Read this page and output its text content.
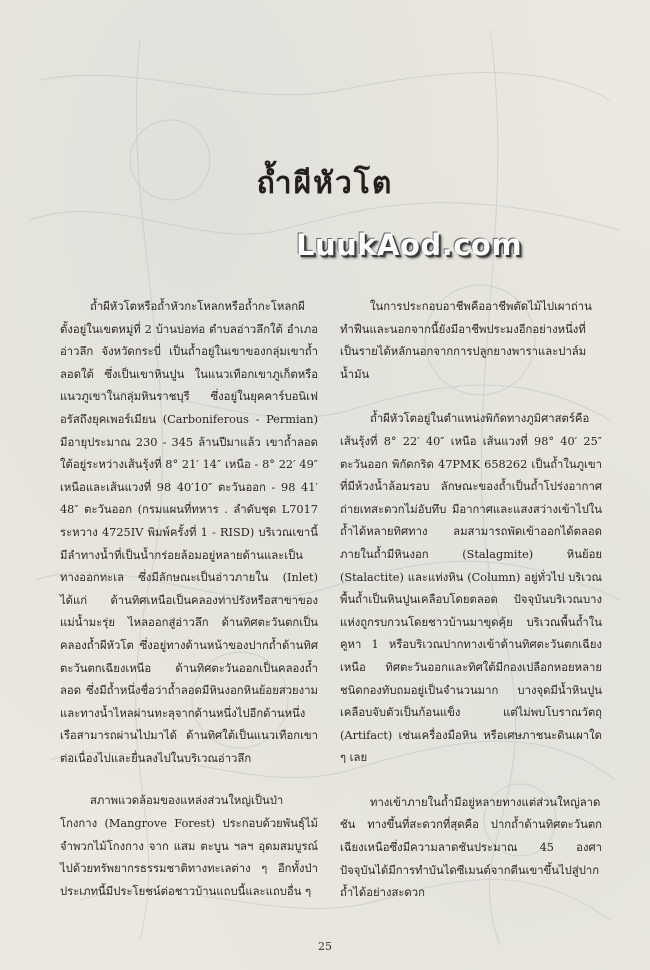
ถ้ำผีหัวโต
LuukAod.com

ถ้ำผีหัวโตหรือถ้ำหัวกะโหลกหรือถ้ำกะโหลกผี ตั้งอยู่ในเขตหมู่ที่ 2 บ้านบ่อท่อ ตำบลอ่าวลึกใต้ อำเภออ่าวลึก จังหวัดกระบี่ เป็นถ้ำอยู่ในเขาของกลุ่มเขาถ้ำลอดใต้ ซึ่งเป็นเขาหินปูน ในแนวเทือกเขาภูเก็ตหรือแนวภูเขาในกลุ่มหินราชบุรี ซึ่งอยู่ในยุคคาร์บอนิเฟอรัสถึงยุคเพอร์เมียน (Carboniferous - Permian) มีอายุประมาณ 230 - 345 ล้านปีมาแล้ว เขาถ้ำลอดใต้อยู่ระหว่างเส้นรุ้งที่ 8° 21′ 14″ เหนือ - 8° 22′ 49″ เหนือและเส้นแวงที่ 98 40′10″ ตะวันออก - 98 41′ 48″ ตะวันออก (กรมแผนที่ทหาร . ลำดับชุด L7017 ระหวาง 4725IV พิมพ์ครั้งที่ 1 - RISD) บริเวณเขานี้มีลำทางน้ำที่เป็นน้ำกร่อยล้อมอยู่หลายด้านและเป็นทางออกทะเล ซึ่งมีลักษณะเป็นอ่าวภายใน (Inlet) ได้แก่ ด้านทิศเหนือเป็นคลองท่าปรังหรือสาขาของแม่น้ำมะรุ่ย ไหลออกสู่อ่าวลึก ด้านทิศตะวันตกเป็นคลองถ้ำผีหัวโต ซึ่งอยู่ทางด้านหน้าของปากถ้ำด้านทิศตะวันตกเฉียงเหนือ ด้านทิศตะวันออกเป็นคลองถ้ำลอด ซึ่งมีถ้ำหนึ่งชื่อว่าถ้ำลอดมีหินงอกหินย้อยสวยงามและทางน้ำไหลผ่านทะลุจากด้านหนึ่งไปอีกด้านหนึ่ง เรือสามารถผ่านไปมาได้ ด้านทิศใต้เป็นแนวเทือกเขาต่อเนื่องไปและยื่นลงไปในบริเวณอ่าวลึก

สภาพแวดล้อมของแหล่งส่วนใหญ่เป็นป่าโกงกาง (Mangrove Forest) ประกอบด้วยพันธุ์ไม้จำพวกไม้โกงกาง จาก แสม ตะบูน ฯลฯ อุดมสมบูรณ์ไปด้วยทรัพยากรธรรมชาติทางทะเลต่าง ๆ อีกทั้งป่าประเภทนี้มีประโยชน์ต่อชาวบ้านแถบนี้และแถบอื่น ๆ

ในการประกอบอาชีพคืออาชีพตัดไม้ไปเผาถ่านทำฟืนและนอกจากนี้ยังมีอาชีพประมงอีกอย่างหนึ่งที่เป็นรายได้หลักนอกจากการปลูกยางพาราและปาล์มน้ำมัน

ถ้ำผีหัวโตอยู่ในตำแหน่งพิกัดทางภูมิศาสตร์คือ เส้นรุ้งที่ 8° 22′ 40″ เหนือ เส้นแวงที่ 98° 40′ 25″ ตะวันออก พิกัดกริด 47PMK 658262 เป็นถ้ำในภูเขาที่มีห้วงน้ำล้อมรอบ ลักษณะของถ้ำเป็นถ้ำโปร่งอากาศถ่ายเทสะดวกไม่อับทึบ มีอากาศและแสงสว่างเข้าไปในถ้ำได้หลายทิศทาง ลมสามารถพัดเข้าออกได้ตลอด ภายในถ้ำมีหินงอก (Stalagmite) หินย้อย (Stalactite) และแท่งหิน (Column) อยู่ทั่วไป บริเวณพื้นถ้ำเป็นหินปูนเคลือบโดยตลอด ปัจจุบันบริเวณบางแห่งถูกรบกวนโดยชาวบ้านมาขุดคุ้ย บริเวณพื้นถ้ำในคูหา 1 หรือบริเวณปากทางเข้าด้านทิศตะวันตกเฉียงเหนือ ทิศตะวันออกและทิศใต้มีกองเปลือกหอยหลายชนิดกองทับถมอยู่เป็นจำนวนมาก บางจุดมีน้ำหินปูนเคลือบจับตัวเป็นก้อนแข็ง แต่ไม่พบโบราณวัตถุ (Artifact) เช่นเครื่องมือหิน หรือเศษภาชนะดินเผาใด ๆ เลย

ทางเข้าภายในถ้ำมีอยู่หลายทางแต่ส่วนใหญ่ลาดชัน ทางขึ้นที่สะดวกที่สุดคือ ปากถ้ำด้านทิศตะวันตกเฉียงเหนือซึ่งมีความลาดชันประมาณ 45 องศา ปัจจุบันได้มีการทำบันไดซีเมนต์จากตีนเขาขึ้นไปสู่ปากถ้ำได้อย่างสะดวก

25
